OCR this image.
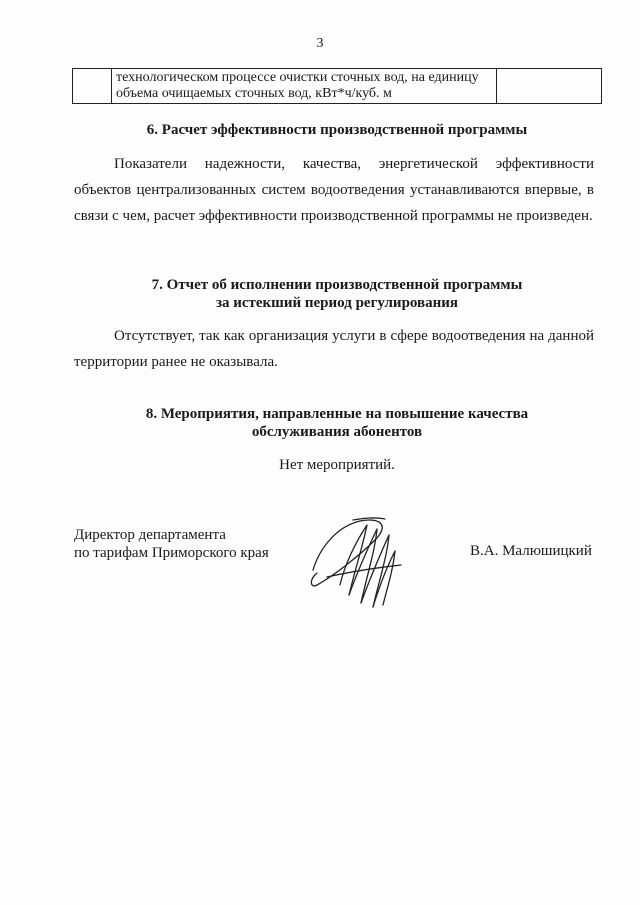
3

технологическом процессе очистки сточных вод, на единицу
объема очищаемых сточных вод, кВт*ч/куб. м

6. Расчет эффективности производственной программы

Показатели надежности, качества, энергетической эффективности объектов централизованных систем водоотведения устанавливаются впервые, в связи с чем, расчет эффективности производственной программы не произведен.

7. Отчет об исполнении производственной программы
за истекший период регулирования

Отсутствует, так как организация услуги в сфере водоотведения на данной территории ранее не оказывала.

8. Мероприятия, направленные на повышение качества
обслуживания абонентов
Нет мероприятий.
Директор департамента
по тарифам Приморского края	В.А. Малюшицкий
